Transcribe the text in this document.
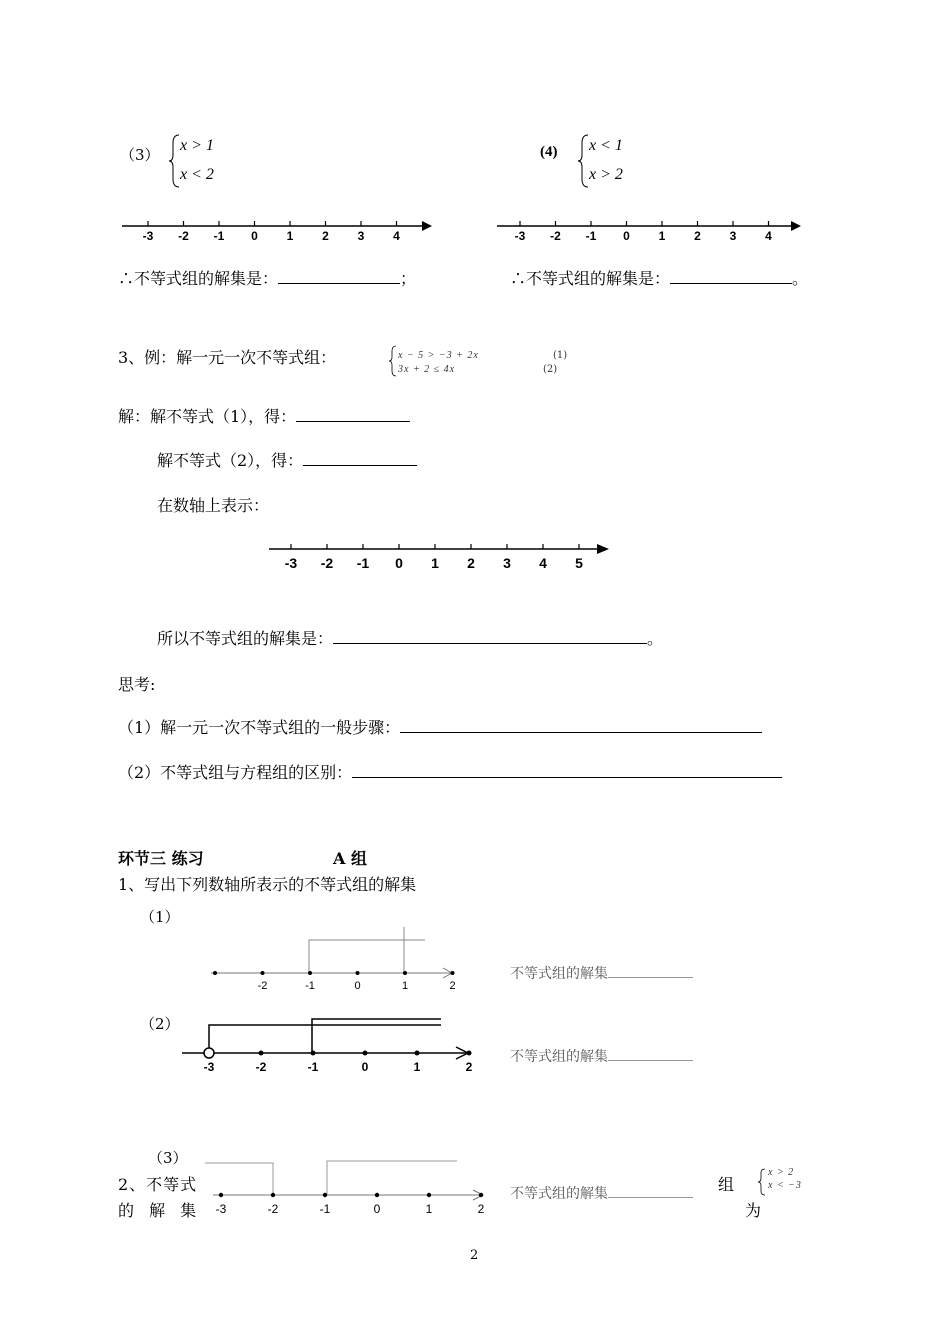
（3）
x > 1
x < 2
(4) x < 1
x > 2
-3 -2 -1 0 1 2 3 4	-3 -2 -1 0 1 2 3 4
∴不等式组的解集是：	；	∴不等式组的解集是：	。
3、例：解一元一次不等式组：	x − 5 > −3 + 2x	(1)
3x + 2 ≤ 4x	(2)
解：解不等式（1），得：
解不等式（2），得：
在数轴上表示：
-3 -2 -1 0 1 2 3 4 5
所以不等式组的解集是：	。
思考:
（1）解一元一次不等式组的一般步骤：
（2）不等式组与方程组的区别：
环节三 练习	A 组
1、写出下列数轴所表示的不等式组的解集
（1）
-2	-1	0	1	2
不等式组的解集
（2）
-3	-2	-1	0	1	2
不等式组的解集
（3）
-3	-2	-1	0	1	2
不等式组的解集
2、不等式
的 解 集
组
为
x > 2
x < −3
2
